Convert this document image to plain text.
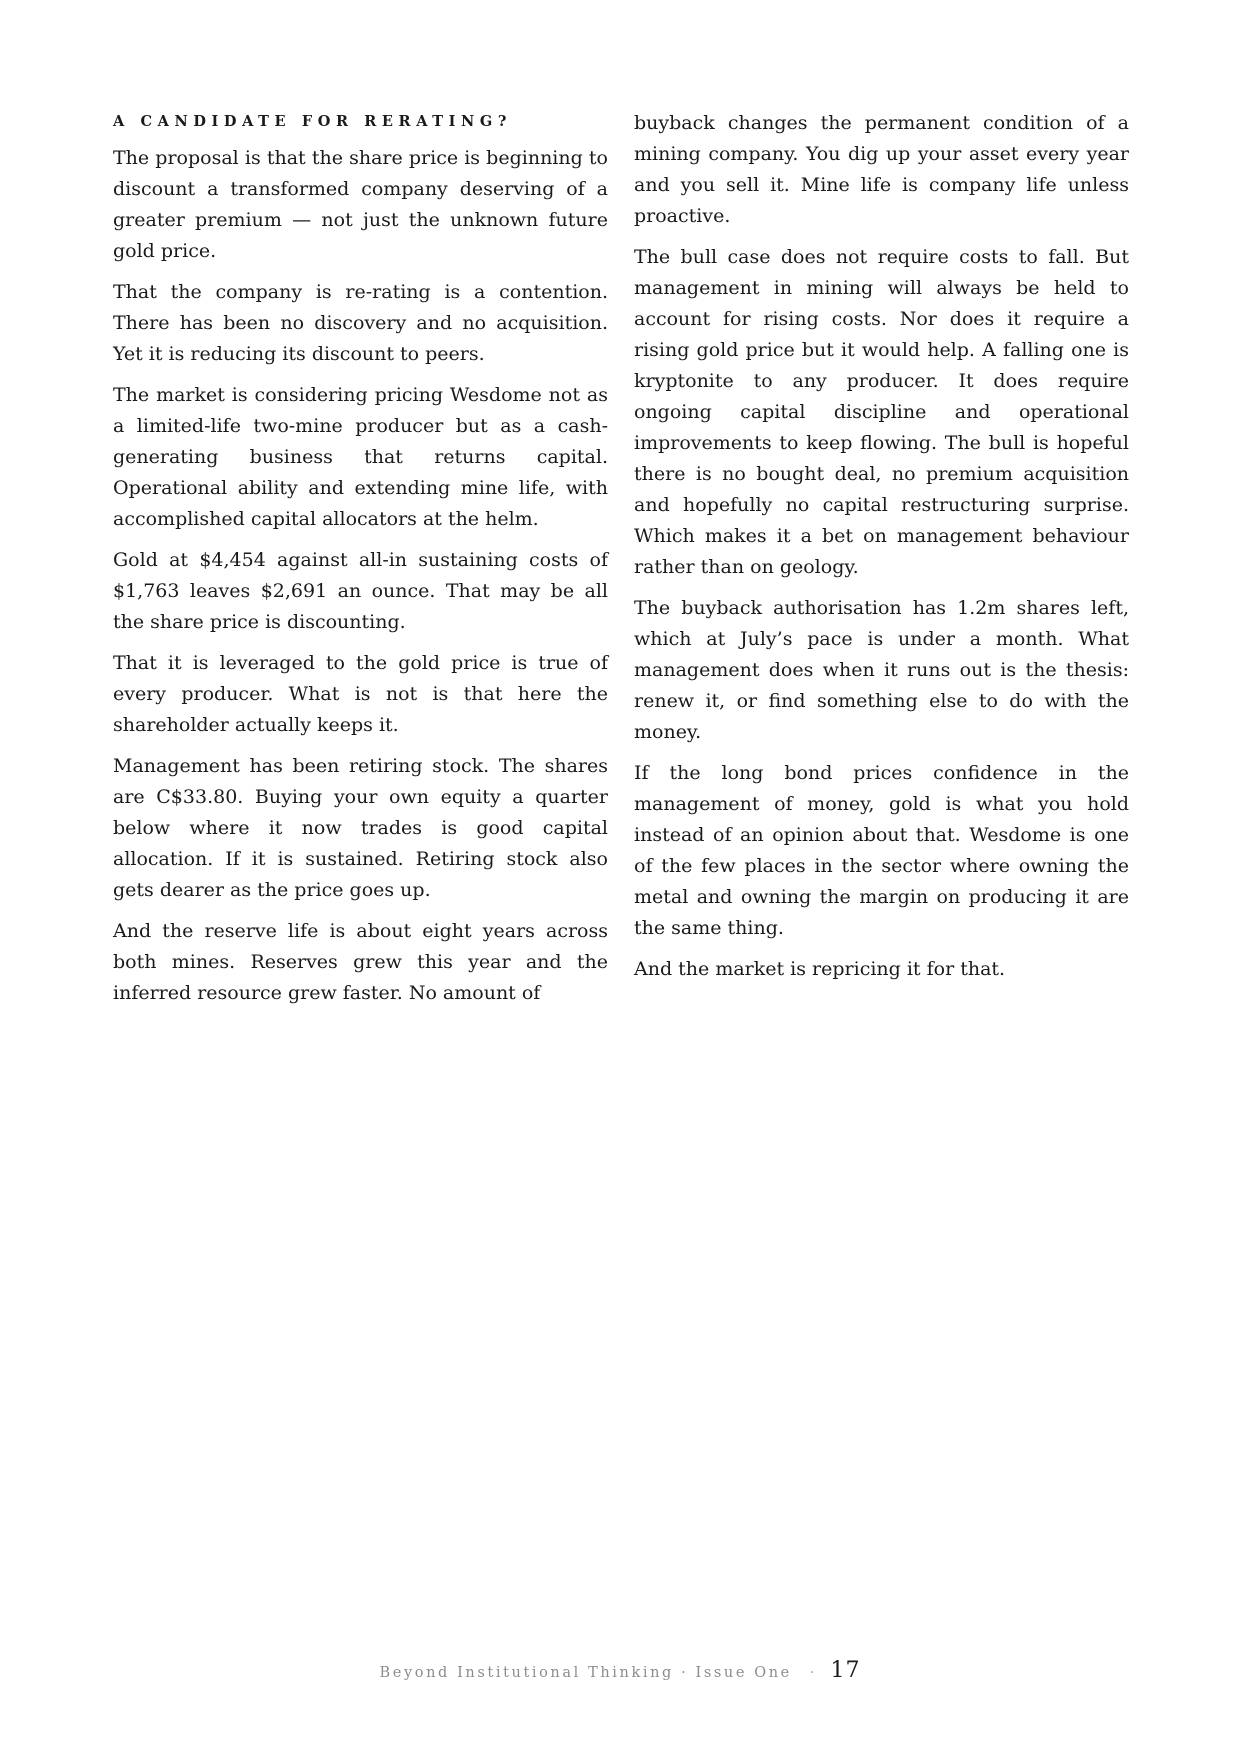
A CANDIDATE FOR RERATING?

The proposal is that the share price is beginning to discount a transformed company deserving of a greater premium — not just the unknown future gold price.

That the company is re-rating is a contention. There has been no discovery and no acquisition. Yet it is reducing its discount to peers.

The market is considering pricing Wesdome not as a limited-life two-mine producer but as a cash-generating business that returns capital. Operational ability and extending mine life, with accomplished capital allocators at the helm.

Gold at $4,454 against all-in sustaining costs of $1,763 leaves $2,691 an ounce. That may be all the share price is discounting.

That it is leveraged to the gold price is true of every producer. What is not is that here the shareholder actually keeps it.

Management has been retiring stock. The shares are C$33.80. Buying your own equity a quarter below where it now trades is good capital allocation. If it is sustained. Retiring stock also gets dearer as the price goes up.

And the reserve life is about eight years across both mines. Reserves grew this year and the inferred resource grew faster. No amount of

buyback changes the permanent condition of a mining company. You dig up your asset every year and you sell it. Mine life is company life unless proactive.

The bull case does not require costs to fall. But management in mining will always be held to account for rising costs. Nor does it require a rising gold price but it would help. A falling one is kryptonite to any producer. It does require ongoing capital discipline and operational improvements to keep flowing. The bull is hopeful there is no bought deal, no premium acquisition and hopefully no capital restructuring surprise. Which makes it a bet on management behaviour rather than on geology.

The buyback authorisation has 1.2m shares left, which at July’s pace is under a month. What management does when it runs out is the thesis: renew it, or find something else to do with the money.

If the long bond prices confidence in the management of money, gold is what you hold instead of an opinion about that. Wesdome is one of the few places in the sector where owning the metal and owning the margin on producing it are the same thing.

And the market is repricing it for that.

Beyond Institutional Thinking · Issue One · 17
